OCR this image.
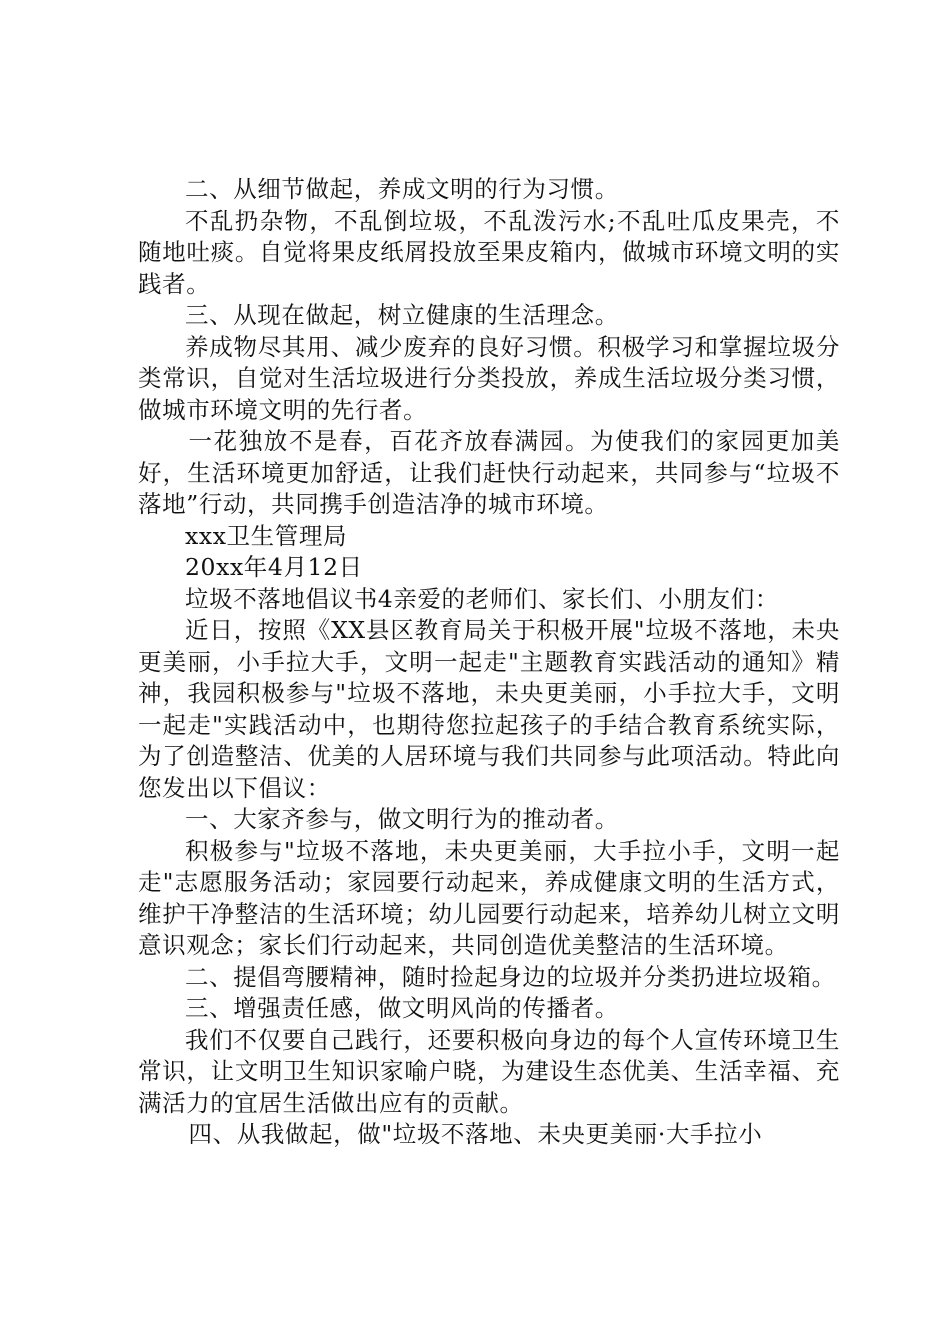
二、从细节做起，养成文明的行为习惯。

不乱扔杂物，不乱倒垃圾，不乱泼污水;不乱吐瓜皮果壳，不随地吐痰。自觉将果皮纸屑投放至果皮箱内，做城市环境文明的实践者。

三、从现在做起，树立健康的生活理念。

养成物尽其用、减少废弃的良好习惯。积极学习和掌握垃圾分类常识，自觉对生活垃圾进行分类投放，养成生活垃圾分类习惯，做城市环境文明的先行者。

一花独放不是春，百花齐放春满园。为使我们的家园更加美好，生活环境更加舒适，让我们赶快行动起来，共同参与“垃圾不落地”行动，共同携手创造洁净的城市环境。

xxx卫生管理局

20xx年4月12日

垃圾不落地倡议书4亲爱的老师们、家长们、小朋友们：

近日，按照《XX县区教育局关于积极开展"垃圾不落地，未央更美丽，小手拉大手，文明一起走"主题教育实践活动的通知》精神，我园积极参与"垃圾不落地，未央更美丽，小手拉大手，文明一起走"实践活动中，也期待您拉起孩子的手结合教育系统实际，为了创造整洁、优美的人居环境与我们共同参与此项活动。特此向您发出以下倡议：

一、大家齐参与，做文明行为的推动者。

积极参与"垃圾不落地，未央更美丽，大手拉小手，文明一起走"志愿服务活动；家园要行动起来，养成健康文明的生活方式，维护干净整洁的生活环境；幼儿园要行动起来，培养幼儿树立文明意识观念；家长们行动起来，共同创造优美整洁的生活环境。

二、提倡弯腰精神，随时捡起身边的垃圾并分类扔进垃圾箱。

三、增强责任感，做文明风尚的传播者。

我们不仅要自己践行，还要积极向身边的每个人宣传环境卫生常识，让文明卫生知识家喻户晓，为建设生态优美、生活幸福、充满活力的宜居生活做出应有的贡献。

四、从我做起，做"垃圾不落地、未央更美丽·大手拉小
